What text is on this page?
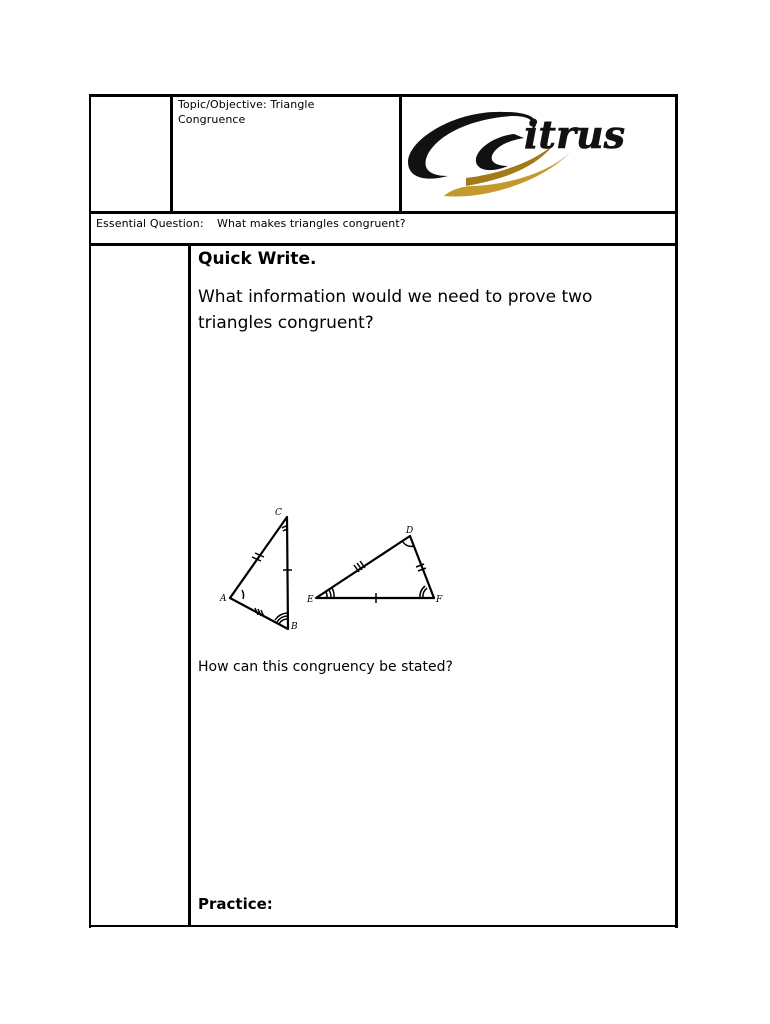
Topic/Objective: Triangle Congruence	itrus
Essential Question: What makes triangles congruent?
Quick Write.
What information would we need to prove two triangles congruent?
C
A
B
D
E	F
How can this congruency be stated?
Practice:
